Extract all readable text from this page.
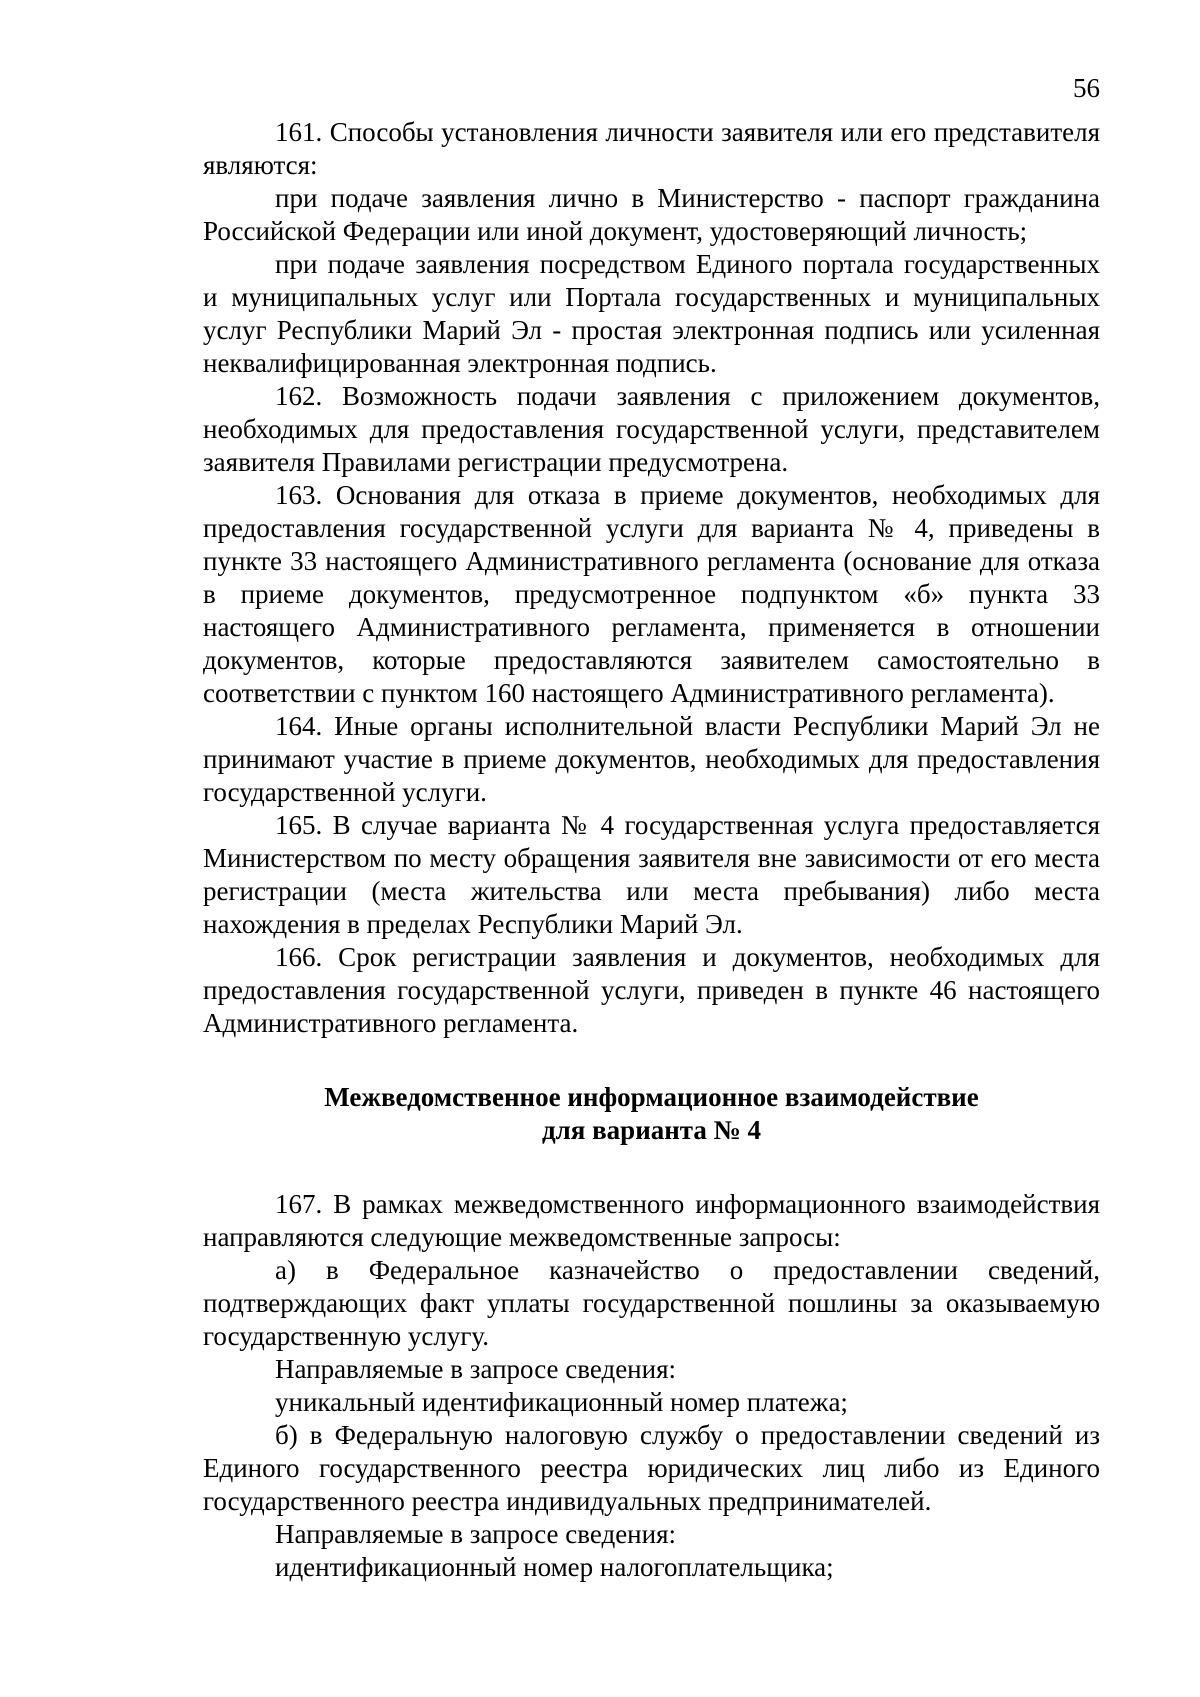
56

161. Способы установления личности заявителя или его представителя являются:

при подаче заявления лично в Министерство - паспорт гражданина Российской Федерации или иной документ, удостоверяющий личность;

при подаче заявления посредством Единого портала государственных и муниципальных услуг или Портала государственных и муниципальных услуг Республики Марий Эл - простая электронная подпись или усиленная неквалифицированная электронная подпись.

162. Возможность подачи заявления с приложением документов, необходимых для предоставления государственной услуги, представителем заявителя Правилами регистрации предусмотрена.

163. Основания для отказа в приеме документов, необходимых для предоставления государственной услуги для варианта № 4, приведены в пункте 33 настоящего Административного регламента (основание для отказа в приеме документов, предусмотренное подпунктом «б» пункта 33 настоящего Административного регламента, применяется в отношении документов, которые предоставляются заявителем самостоятельно в соответствии с пунктом 160 настоящего Административного регламента).

164. Иные органы исполнительной власти Республики Марий Эл не принимают участие в приеме документов, необходимых для предоставления государственной услуги.

165. В случае варианта № 4 государственная услуга предоставляется Министерством по месту обращения заявителя вне зависимости от его места регистрации (места жительства или места пребывания) либо места нахождения в пределах Республики Марий Эл.

166. Срок регистрации заявления и документов, необходимых для предоставления государственной услуги, приведен в пункте 46 настоящего Административного регламента.

Межведомственное информационное взаимодействие
для варианта № 4

167. В рамках межведомственного информационного взаимодействия направляются следующие межведомственные запросы:

а) в Федеральное казначейство о предоставлении сведений, подтверждающих факт уплаты государственной пошлины за оказываемую государственную услугу.

Направляемые в запросе сведения:

уникальный идентификационный номер платежа;

б) в Федеральную налоговую службу о предоставлении сведений из Единого государственного реестра юридических лиц либо из Единого государственного реестра индивидуальных предпринимателей.

Направляемые в запросе сведения:

идентификационный номер налогоплательщика;
